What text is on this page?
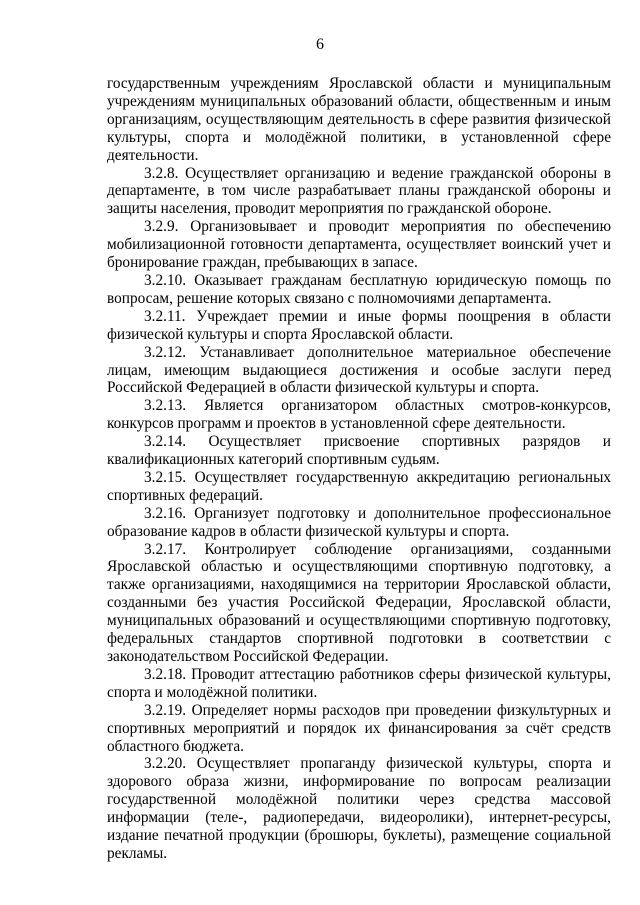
6

государственным учреждениям Ярославской области и муниципальным учреждениям муниципальных образований области, общественным и иным организациям, осуществляющим деятельность в сфере развития физической культуры, спорта и молодёжной политики, в установленной сфере деятельности.

3.2.8. Осуществляет организацию и ведение гражданской обороны в департаменте, в том числе разрабатывает планы гражданской обороны и защиты населения, проводит мероприятия по гражданской обороне.

3.2.9. Организовывает и проводит мероприятия по обеспечению мобилизационной готовности департамента, осуществляет воинский учет и бронирование граждан, пребывающих в запасе.

3.2.10. Оказывает гражданам бесплатную юридическую помощь по вопросам, решение которых связано с полномочиями департамента.

3.2.11. Учреждает премии и иные формы поощрения в области физической культуры и спорта Ярославской области.

3.2.12. Устанавливает дополнительное материальное обеспечение лицам, имеющим выдающиеся достижения и особые заслуги перед Российской Федерацией в области физической культуры и спорта.

3.2.13. Является организатором областных смотров-конкурсов, конкурсов программ и проектов в установленной сфере деятельности.

3.2.14. Осуществляет присвоение спортивных разрядов и квалификационных категорий спортивным судьям.

3.2.15. Осуществляет государственную аккредитацию региональных спортивных федераций.

3.2.16. Организует подготовку и дополнительное профессиональное образование кадров в области физической культуры и спорта.

3.2.17. Контролирует соблюдение организациями, созданными Ярославской областью и осуществляющими спортивную подготовку, а также организациями, находящимися на территории Ярославской области, созданными без участия Российской Федерации, Ярославской области, муниципальных образований и осуществляющими спортивную подготовку, федеральных стандартов спортивной подготовки в соответствии с законодательством Российской Федерации.

3.2.18. Проводит аттестацию работников сферы физической культуры, спорта и молодёжной политики.

3.2.19. Определяет нормы расходов при проведении физкультурных и спортивных мероприятий и порядок их финансирования за счёт средств областного бюджета.

3.2.20. Осуществляет пропаганду физической культуры, спорта и здорового образа жизни, информирование по вопросам реализации государственной молодёжной политики через средства массовой информации (теле-, радиопередачи, видеоролики), интернет-ресурсы, издание печатной продукции (брошюры, буклеты), размещение социальной рекламы.
